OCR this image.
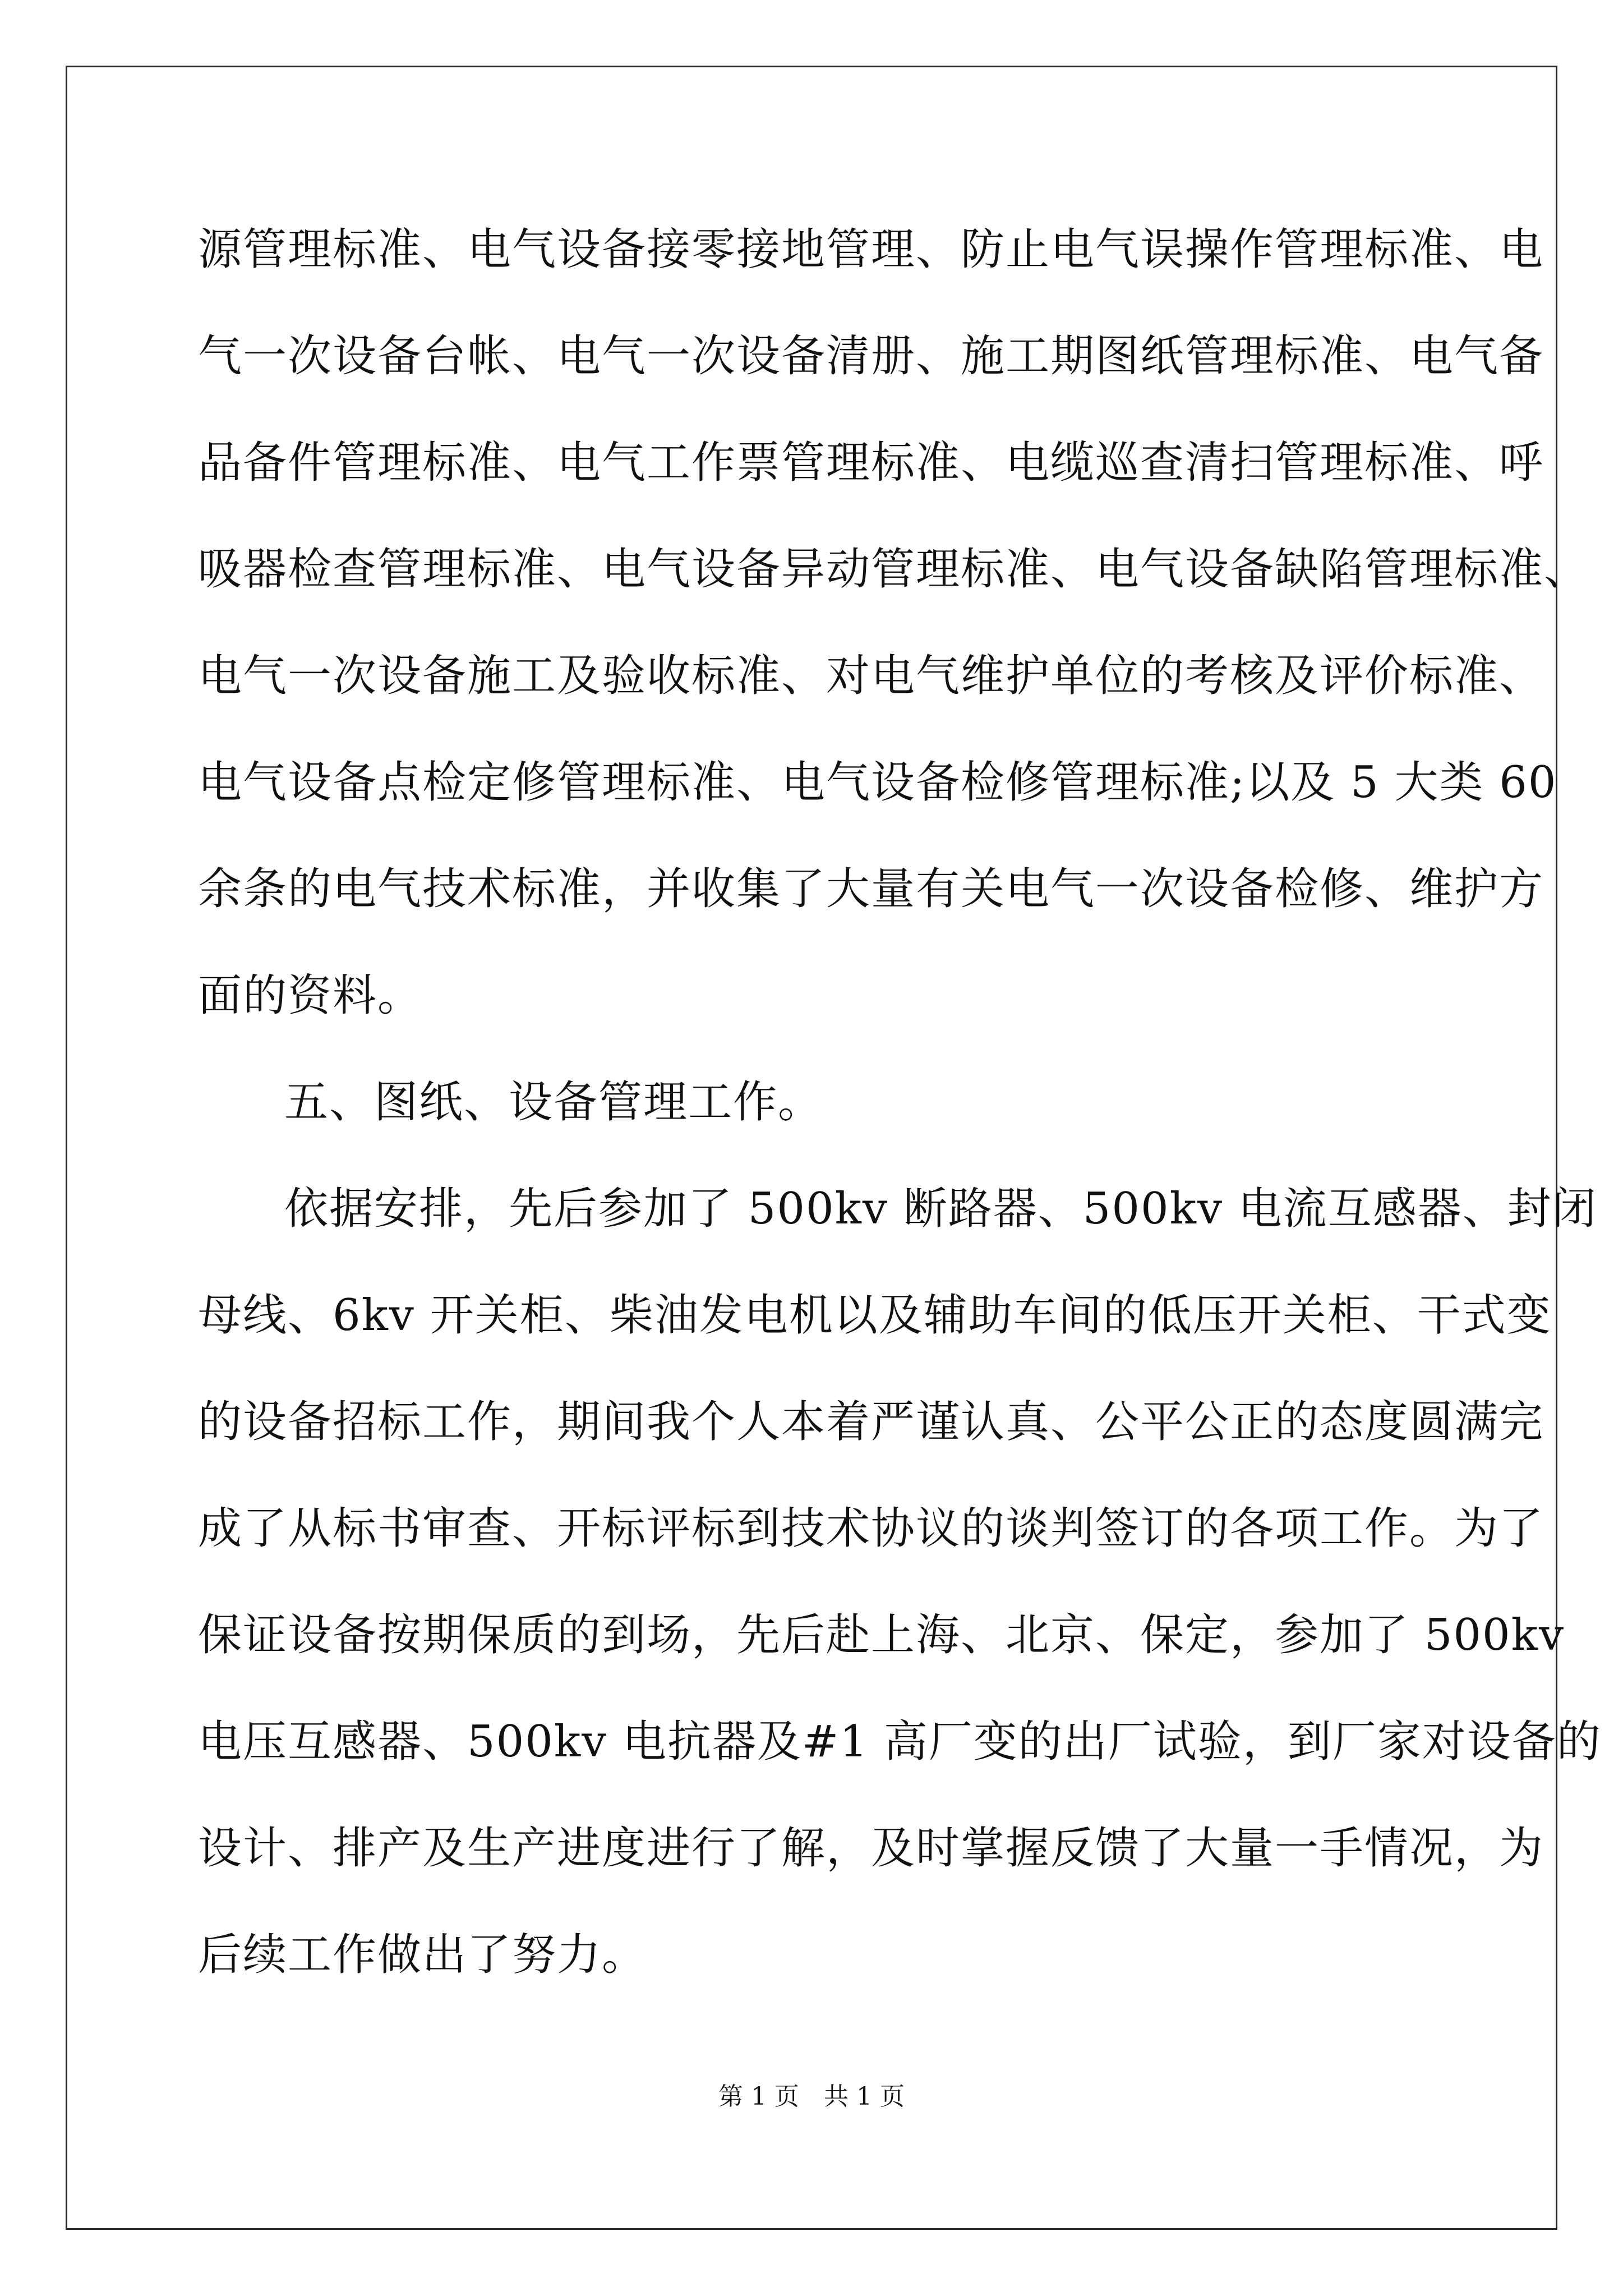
源管理标准、电气设备接零接地管理、防止电气误操作管理标准、电
气一次设备台帐、电气一次设备清册、施工期图纸管理标准、电气备
品备件管理标准、电气工作票管理标准、电缆巡查清扫管理标准、呼
吸器检查管理标准、电气设备异动管理标准、电气设备缺陷管理标准、
电气一次设备施工及验收标准、对电气维护单位的考核及评价标准、
电气设备点检定修管理标准、电气设备检修管理标准;以及 5 大类 60
余条的电气技术标准，并收集了大量有关电气一次设备检修、维护方
面的资料。
五、图纸、设备管理工作。
依据安排，先后参加了 500kv 断路器、500kv 电流互感器、封闭
母线、6kv 开关柜、柴油发电机以及辅助车间的低压开关柜、干式变
的设备招标工作，期间我个人本着严谨认真、公平公正的态度圆满完
成了从标书审查、开标评标到技术协议的谈判签订的各项工作。为了
保证设备按期保质的到场，先后赴上海、北京、保定，参加了 500kv
电压互感器、500kv 电抗器及#1 高厂变的出厂试验，到厂家对设备的
设计、排产及生产进度进行了解，及时掌握反馈了大量一手情况，为
后续工作做出了努力。
第 1 页　共 1 页
